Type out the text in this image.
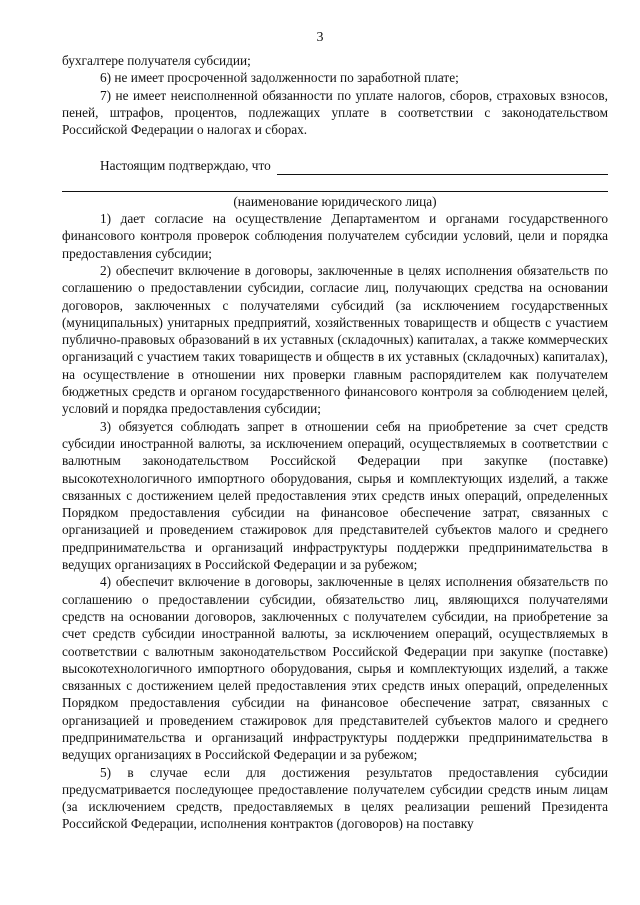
3

бухгалтере получателя субсидии;

6) не имеет просроченной задолженности по заработной плате;

7) не имеет неисполненной обязанности по уплате налогов, сборов, страховых взносов, пеней, штрафов, процентов, подлежащих уплате в соответствии с законодательством Российской Федерации о налогах и сборах.

Настоящим подтверждаю, что

(наименование юридического лица)

1) дает согласие на осуществление Департаментом и органами государственного финансового контроля проверок соблюдения получателем субсидии условий, цели и порядка предоставления субсидии;

2) обеспечит включение в договоры, заключенные в целях исполнения обязательств по соглашению о предоставлении субсидии, согласие лиц, получающих средства на основании договоров, заключенных с получателями субсидий (за исключением государственных (муниципальных) унитарных предприятий, хозяйственных товариществ и обществ с участием публично-правовых образований в их уставных (складочных) капиталах, а также коммерческих организаций с участием таких товариществ и обществ в их уставных (складочных) капиталах), на осуществление в отношении них проверки главным распорядителем как получателем бюджетных средств и органом государственного финансового контроля за соблюдением целей, условий и порядка предоставления субсидии;

3) обязуется соблюдать запрет в отношении себя на приобретение за счет средств субсидии иностранной валюты, за исключением операций, осуществляемых в соответствии с валютным законодательством Российской Федерации при закупке (поставке) высокотехнологичного импортного оборудования, сырья и комплектующих изделий, а также связанных с достижением целей предоставления этих средств иных операций, определенных Порядком предоставления субсидии на финансовое обеспечение затрат, связанных с организацией и проведением стажировок для представителей субъектов малого и среднего предпринимательства и организаций инфраструктуры поддержки предпринимательства в ведущих организациях в Российской Федерации и за рубежом;

4) обеспечит включение в договоры, заключенные в целях исполнения обязательств по соглашению о предоставлении субсидии, обязательство лиц, являющихся получателями средств на основании договоров, заключенных с получателем субсидии, на приобретение за счет средств субсидии иностранной валюты, за исключением операций, осуществляемых в соответствии с валютным законодательством Российской Федерации при закупке (поставке) высокотехнологичного импортного оборудования, сырья и комплектующих изделий, а также связанных с достижением целей предоставления этих средств иных операций, определенных Порядком предоставления субсидии на финансовое обеспечение затрат, связанных с организацией и проведением стажировок для представителей субъектов малого и среднего предпринимательства и организаций инфраструктуры поддержки предпринимательства в ведущих организациях в Российской Федерации и за рубежом;

5) в случае если для достижения результатов предоставления субсидии предусматривается последующее предоставление получателем субсидии средств иным лицам (за исключением средств, предоставляемых в целях реализации решений Президента Российской Федерации, исполнения контрактов (договоров) на поставку
